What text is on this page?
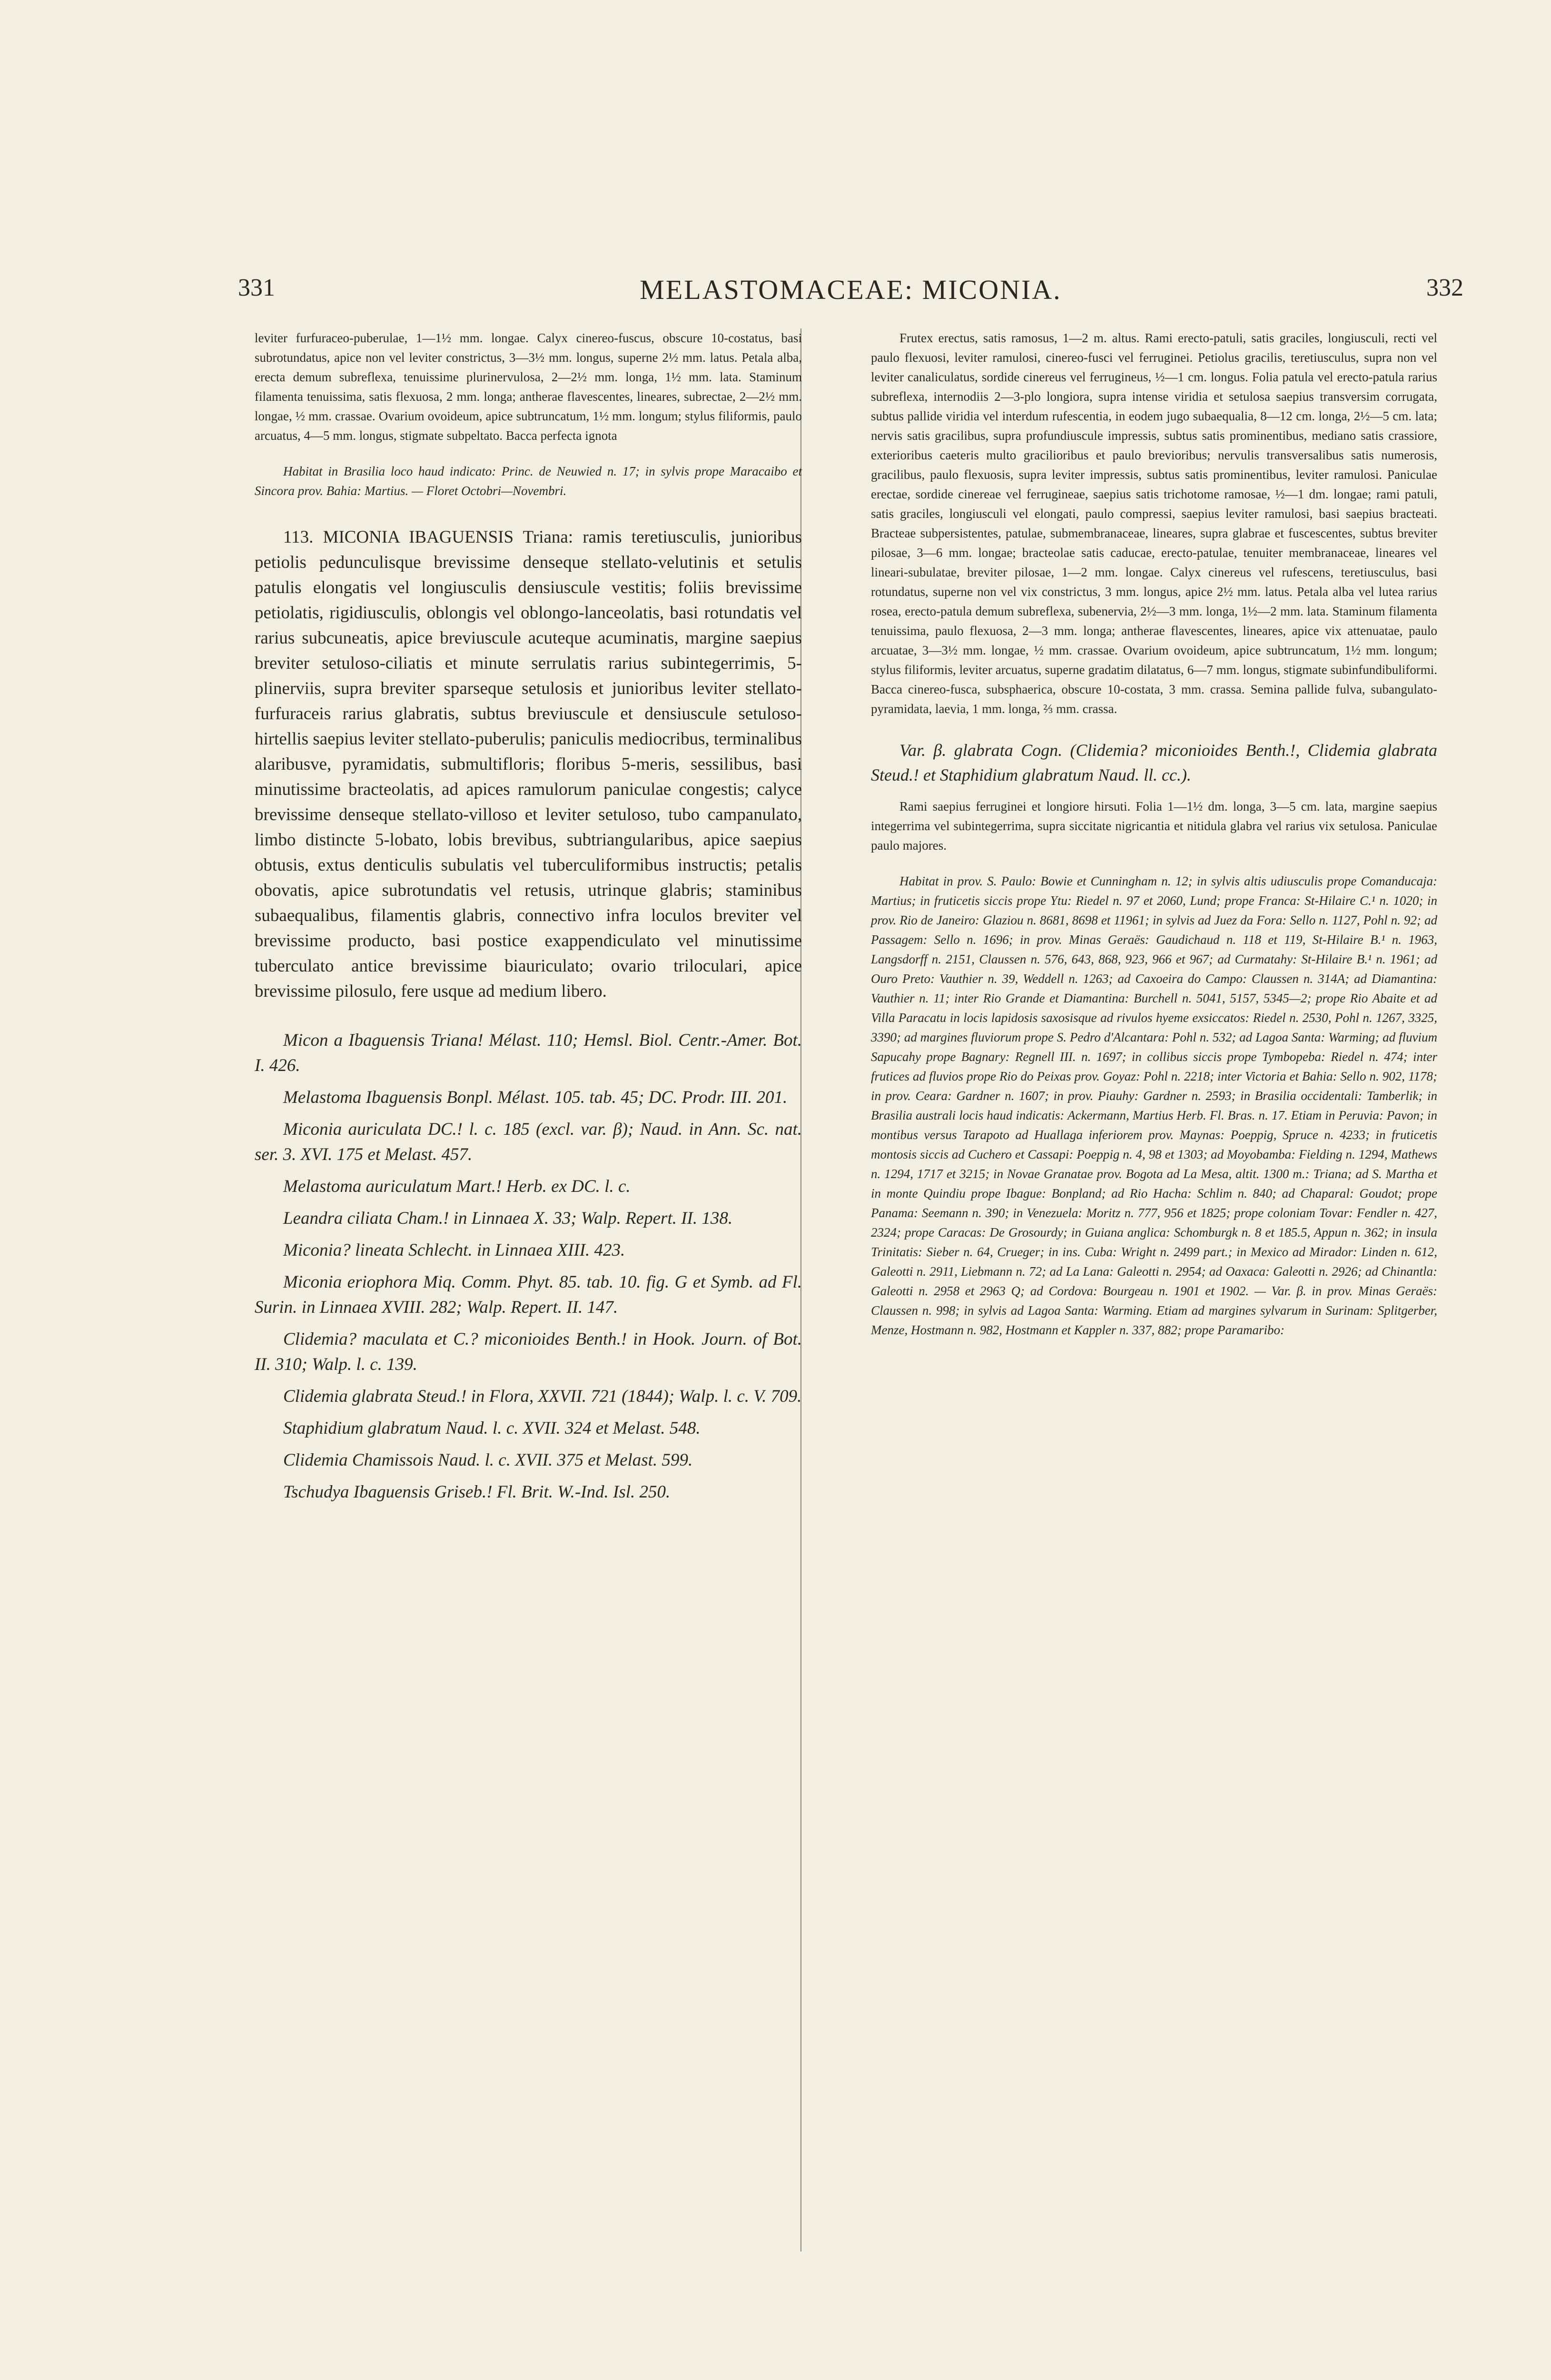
331	MELASTOMACEAE: MICONIA.	332

leviter furfuraceo-puberulae, 1—1½ mm. longae. Calyx cinereo-fuscus, obscure 10-costatus, basi subrotundatus, apice non vel leviter constrictus, 3—3½ mm. longus, superne 2½ mm. latus. Petala alba, erecta demum subreflexa, tenuissime plurinervulosa, 2—2½ mm. longa, 1½ mm. lata. Staminum filamenta tenuissima, satis flexuosa, 2 mm. longa; antherae flavescentes, lineares, subrectae, 2—2½ mm. longae, ½ mm. crassae. Ovarium ovoideum, apice subtruncatum, 1½ mm. longum; stylus filiformis, paulo arcuatus, 4—5 mm. longus, stigmate subpeltato. Bacca perfecta ignota

Habitat in Brasilia loco haud indicato: Princ. de Neuwied n. 17; in sylvis prope Maracaibo et Sincora prov. Bahia: Martius. — Floret Octobri—Novembri.

113. MICONIA IBAGUENSIS Triana: ramis teretiusculis, junioribus petiolis pedunculisque brevissime denseque stellato-velutinis et setulis patulis elongatis vel longiusculis densiuscule vestitis; foliis brevissime petiolatis, rigidiusculis, oblongis vel oblongo-lanceolatis, basi rotundatis vel rarius subcuneatis, apice breviuscule acuteque acuminatis, margine saepius breviter setuloso-ciliatis et minute serrulatis rarius subintegerrimis, 5-plinerviis, supra breviter sparseque setulosis et junioribus leviter stellato-furfuraceis rarius glabratis, subtus breviuscule et densiuscule setuloso-hirtellis saepius leviter stellato-puberulis; paniculis mediocribus, terminalibus alaribusve, pyramidatis, submultifloris; floribus 5-meris, sessilibus, basi minutissime bracteolatis, ad apices ramulorum paniculae congestis; calyce brevissime denseque stellato-villoso et leviter setuloso, tubo campanulato, limbo distincte 5-lobato, lobis brevibus, subtriangularibus, apice saepius obtusis, extus denticulis subulatis vel tuberculiformibus instructis; petalis obovatis, apice subrotundatis vel retusis, utrinque glabris; staminibus subaequalibus, filamentis glabris, connectivo infra loculos breviter vel brevissime producto, basi postice exappendiculato vel minutissime tuberculato antice brevissime biauriculato; ovario triloculari, apice brevissime pilosulo, fere usque ad medium libero.

Micon a Ibaguensis Triana! Mélast. 110; Hemsl. Biol. Centr.-Amer. Bot. I. 426.

Melastoma Ibaguensis Bonpl. Mélast. 105. tab. 45; DC. Prodr. III. 201.

Miconia auriculata DC.! l. c. 185 (excl. var. β); Naud. in Ann. Sc. nat. ser. 3. XVI. 175 et Melast. 457.

Melastoma auriculatum Mart.! Herb. ex DC. l. c.

Leandra ciliata Cham.! in Linnaea X. 33; Walp. Repert. II. 138.

Miconia? lineata Schlecht. in Linnaea XIII. 423.

Miconia eriophora Miq. Comm. Phyt. 85. tab. 10. fig. G et Symb. ad Fl. Surin. in Linnaea XVIII. 282; Walp. Repert. II. 147.

Clidemia? maculata et C.? miconioides Benth.! in Hook. Journ. of Bot. II. 310; Walp. l. c. 139.

Clidemia glabrata Steud.! in Flora, XXVII. 721 (1844); Walp. l. c. V. 709.

Staphidium glabratum Naud. l. c. XVII. 324 et Melast. 548.

Clidemia Chamissois Naud. l. c. XVII. 375 et Melast. 599.

Tschudya Ibaguensis Griseb.! Fl. Brit. W.-Ind. Isl. 250.

Frutex erectus, satis ramosus, 1—2 m. altus. Rami erecto-patuli, satis graciles, longiusculi, recti vel paulo flexuosi, leviter ramulosi, cinereo-fusci vel ferruginei. Petiolus gracilis, teretiusculus, supra non vel leviter canaliculatus, sordide cinereus vel ferrugineus, ½—1 cm. longus. Folia patula vel erecto-patula rarius subreflexa, internodiis 2—3-plo longiora, supra intense viridia et setulosa saepius transversim corrugata, subtus pallide viridia vel interdum rufescentia, in eodem jugo subaequalia, 8—12 cm. longa, 2½—5 cm. lata; nervis satis gracilibus, supra profundiuscule impressis, subtus satis prominentibus, mediano satis crassiore, exterioribus caeteris multo gracilioribus et paulo brevioribus; nervulis transversalibus satis numerosis, gracilibus, paulo flexuosis, supra leviter impressis, subtus satis prominentibus, leviter ramulosi. Paniculae erectae, sordide cinereae vel ferrugineae, saepius satis trichotome ramosae, ½—1 dm. longae; rami patuli, satis graciles, longiusculi vel elongati, paulo compressi, saepius leviter ramulosi, basi saepius bracteati. Bracteae subpersistentes, patulae, submembranaceae, lineares, supra glabrae et fuscescentes, subtus breviter pilosae, 3—6 mm. longae; bracteolae satis caducae, erecto-patulae, tenuiter membranaceae, lineares vel lineari-subulatae, breviter pilosae, 1—2 mm. longae. Calyx cinereus vel rufescens, teretiusculus, basi rotundatus, superne non vel vix constrictus, 3 mm. longus, apice 2½ mm. latus. Petala alba vel lutea rarius rosea, erecto-patula demum subreflexa, subenervia, 2½—3 mm. longa, 1½—2 mm. lata. Staminum filamenta tenuissima, paulo flexuosa, 2—3 mm. longa; antherae flavescentes, lineares, apice vix attenuatae, paulo arcuatae, 3—3½ mm. longae, ½ mm. crassae. Ovarium ovoideum, apice subtruncatum, 1½ mm. longum; stylus filiformis, leviter arcuatus, superne gradatim dilatatus, 6—7 mm. longus, stigmate subinfundibuliformi. Bacca cinereo-fusca, subsphaerica, obscure 10-costata, 3 mm. crassa. Semina pallide fulva, subangulato-pyramidata, laevia, 1 mm. longa, ⅔ mm. crassa.

Var. β. glabrata Cogn. (Clidemia? miconioides Benth.!, Clidemia glabrata Steud.! et Staphidium glabratum Naud. ll. cc.).

Rami saepius ferruginei et longiore hirsuti. Folia 1—1½ dm. longa, 3—5 cm. lata, margine saepius integerrima vel subintegerrima, supra siccitate nigricantia et nitidula glabra vel rarius vix setulosa. Paniculae paulo majores.

Habitat in prov. S. Paulo: Bowie et Cunningham n. 12; in sylvis altis udiusculis prope Comanducaja: Martius; in fruticetis siccis prope Ytu: Riedel n. 97 et 2060, Lund; prope Franca: St-Hilaire C.¹ n. 1020; in prov. Rio de Janeiro: Glaziou n. 8681, 8698 et 11961; in sylvis ad Juez da Fora: Sello n. 1127, Pohl n. 92; ad Passagem: Sello n. 1696; in prov. Minas Geraës: Gaudichaud n. 118 et 119, St-Hilaire B.¹ n. 1963, Langsdorff n. 2151, Claussen n. 576, 643, 868, 923, 966 et 967; ad Curmatahy: St-Hilaire B.¹ n. 1961; ad Ouro Preto: Vauthier n. 39, Weddell n. 1263; ad Caxoeira do Campo: Claussen n. 314A; ad Diamantina: Vauthier n. 11; inter Rio Grande et Diamantina: Burchell n. 5041, 5157, 5345—2; prope Rio Abaite et ad Villa Paracatu in locis lapidosis saxosisque ad rivulos hyeme exsiccatos: Riedel n. 2530, Pohl n. 1267, 3325, 3390; ad margines fluviorum prope S. Pedro d'Alcantara: Pohl n. 532; ad Lagoa Santa: Warming; ad fluvium Sapucahy prope Bagnary: Regnell III. n. 1697; in collibus siccis prope Tymbopeba: Riedel n. 474; inter frutices ad fluvios prope Rio do Peixas prov. Goyaz: Pohl n. 2218; inter Victoria et Bahia: Sello n. 902, 1178; in prov. Ceara: Gardner n. 1607; in prov. Piauhy: Gardner n. 2593; in Brasilia occidentali: Tamberlik; in Brasilia australi locis haud indicatis: Ackermann, Martius Herb. Fl. Bras. n. 17. Etiam in Peruvia: Pavon; in montibus versus Tarapoto ad Huallaga inferiorem prov. Maynas: Poeppig, Spruce n. 4233; in fruticetis montosis siccis ad Cuchero et Cassapi: Poeppig n. 4, 98 et 1303; ad Moyobamba: Fielding n. 1294, Mathews n. 1294, 1717 et 3215; in Novae Granatae prov. Bogota ad La Mesa, altit. 1300 m.: Triana; ad S. Martha et in monte Quindiu prope Ibague: Bonpland; ad Rio Hacha: Schlim n. 840; ad Chaparal: Goudot; prope Panama: Seemann n. 390; in Venezuela: Moritz n. 777, 956 et 1825; prope coloniam Tovar: Fendler n. 427, 2324; prope Caracas: De Grosourdy; in Guiana anglica: Schomburgk n. 8 et 185.5, Appun n. 362; in insula Trinitatis: Sieber n. 64, Crueger; in ins. Cuba: Wright n. 2499 part.; in Mexico ad Mirador: Linden n. 612, Galeotti n. 2911, Liebmann n. 72; ad La Lana: Galeotti n. 2954; ad Oaxaca: Galeotti n. 2926; ad Chinantla: Galeotti n. 2958 et 2963 Q; ad Cordova: Bourgeau n. 1901 et 1902. — Var. β. in prov. Minas Geraës: Claussen n. 998; in sylvis ad Lagoa Santa: Warming. Etiam ad margines sylvarum in Surinam: Splitgerber, Menze, Hostmann n. 982, Hostmann et Kappler n. 337, 882; prope Paramaribo:
